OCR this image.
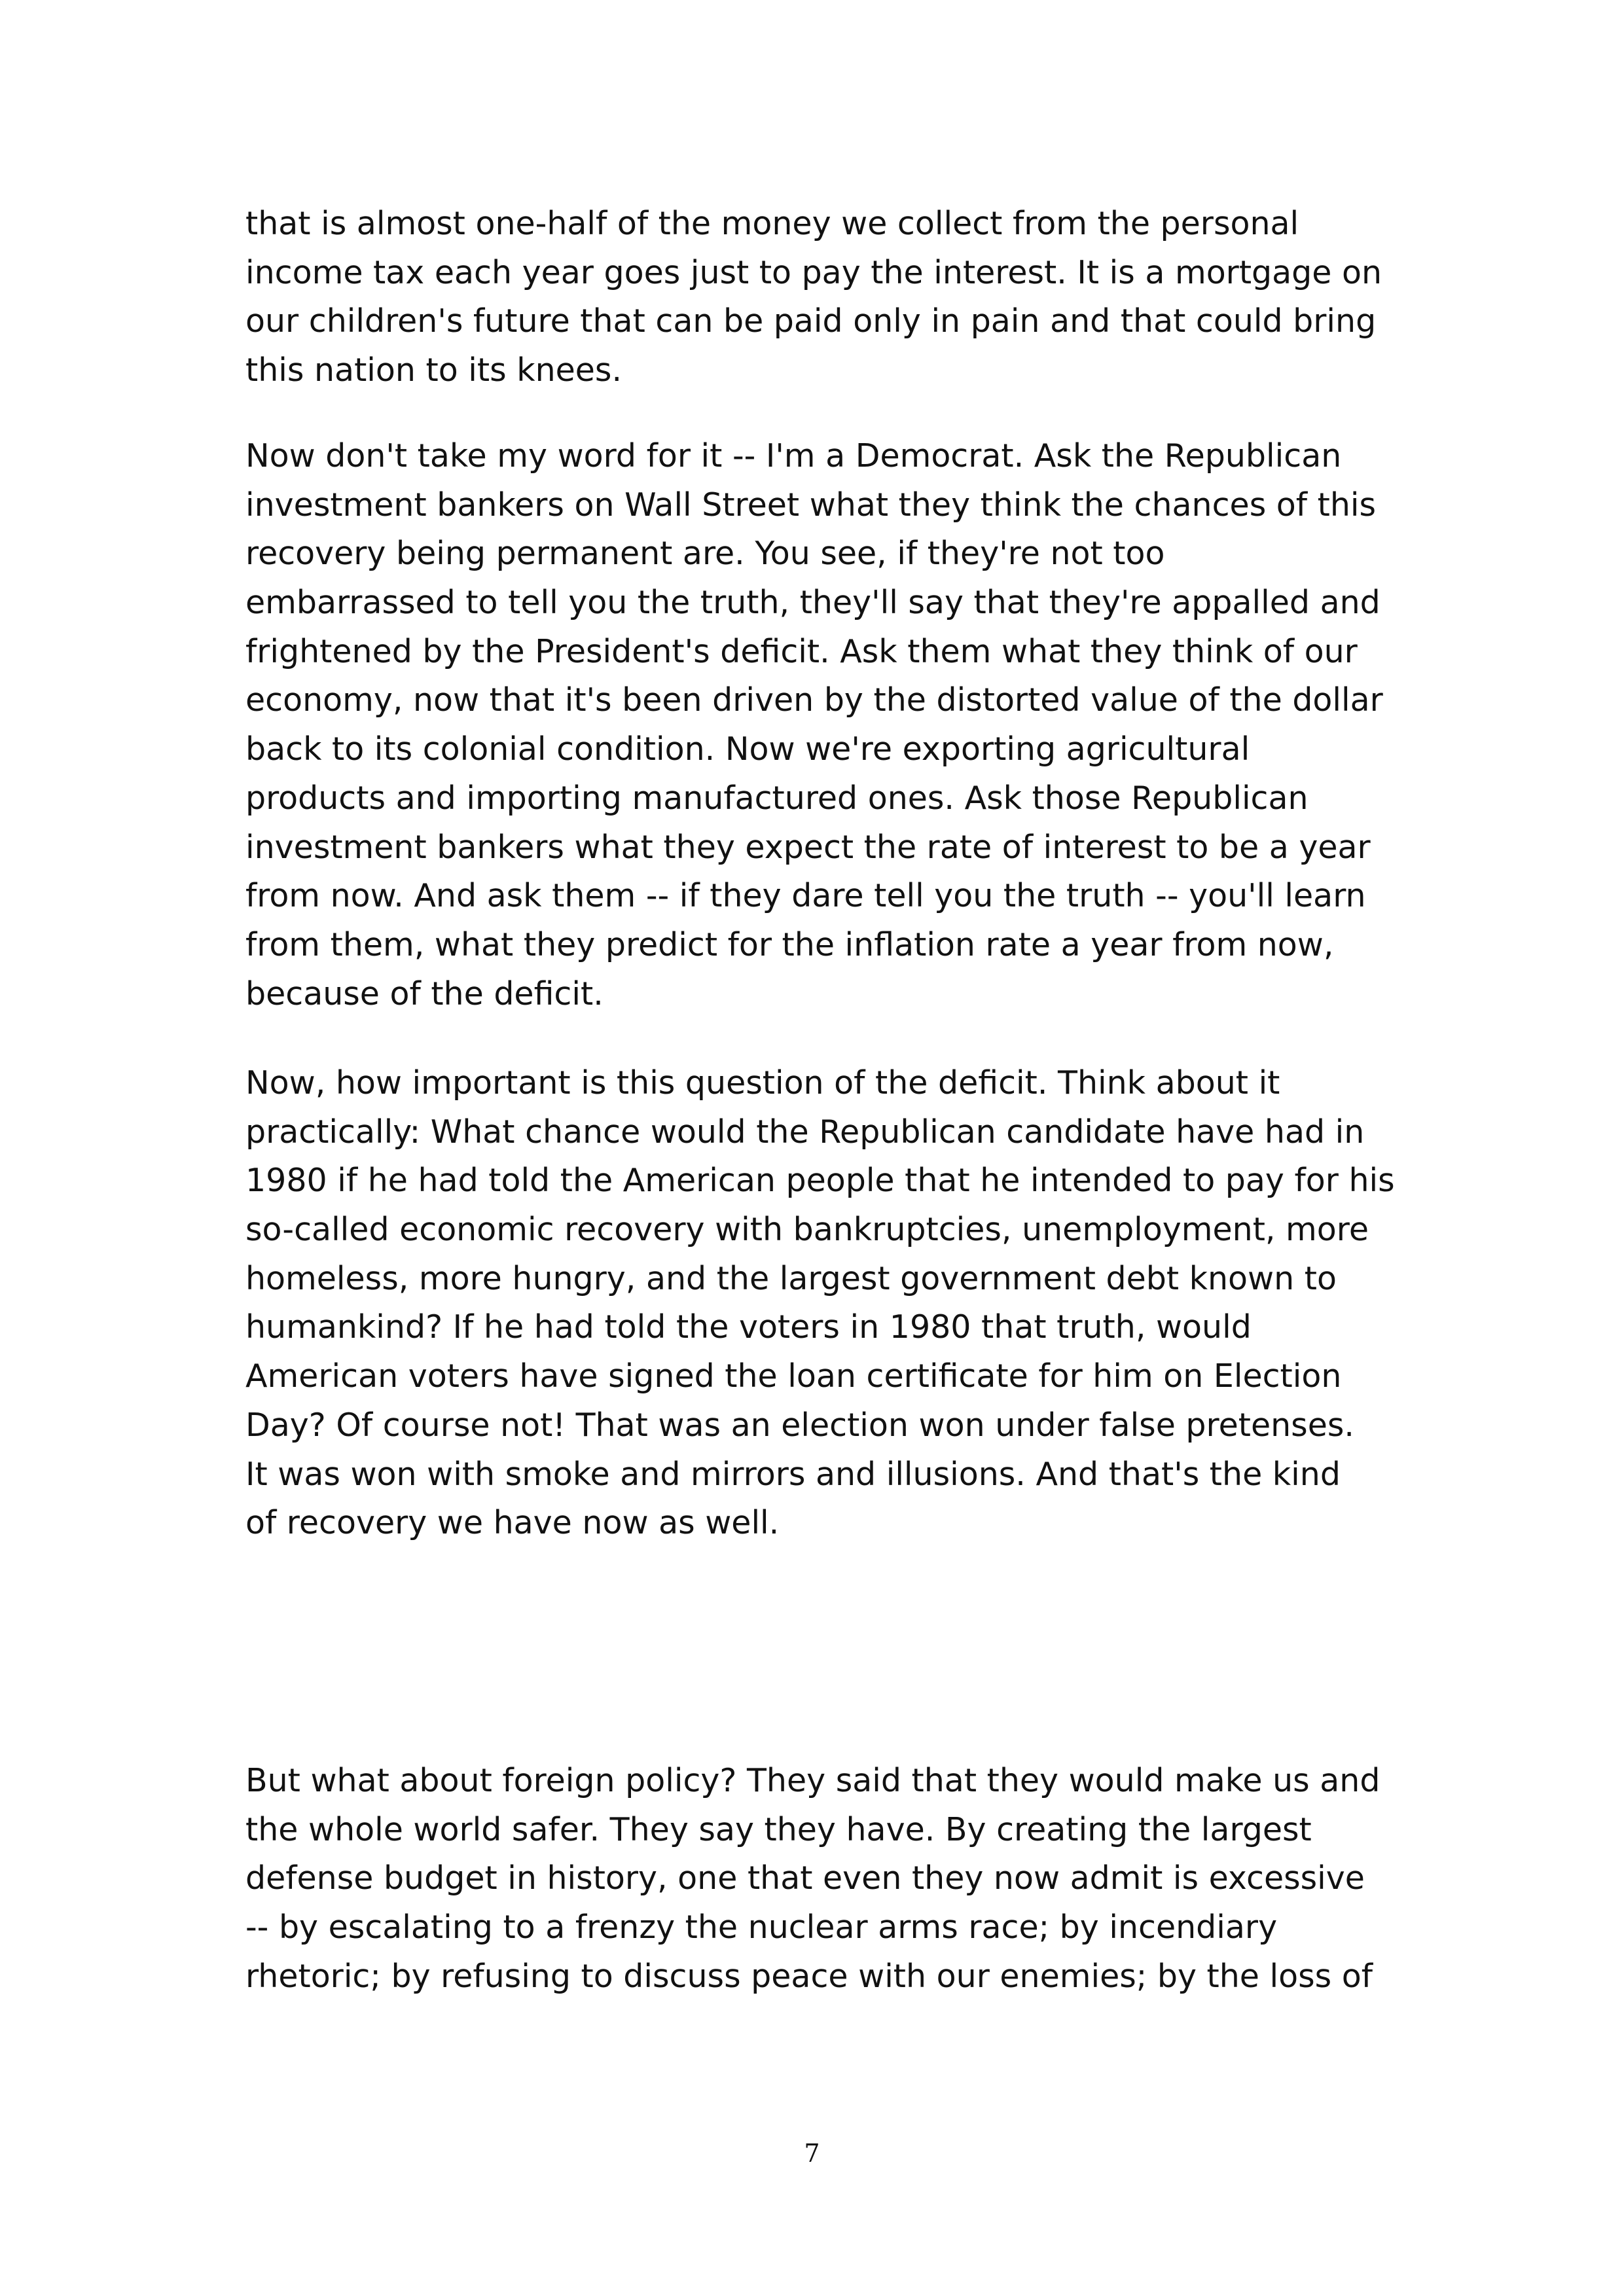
that is almost one-half of the money we collect from the personal
income tax each year goes just to pay the interest. It is a mortgage on
our children's future that can be paid only in pain and that could bring
this nation to its knees.
Now don't take my word for it -- I'm a Democrat. Ask the Republican
investment bankers on Wall Street what they think the chances of this
recovery being permanent are. You see, if they're not too
embarrassed to tell you the truth, they'll say that they're appalled and
frightened by the President's deficit. Ask them what they think of our
economy, now that it's been driven by the distorted value of the dollar
back to its colonial condition. Now we're exporting agricultural
products and importing manufactured ones. Ask those Republican
investment bankers what they expect the rate of interest to be a year
from now. And ask them -- if they dare tell you the truth -- you'll learn
from them, what they predict for the inflation rate a year from now,
because of the deficit.
Now, how important is this question of the deficit. Think about it
practically: What chance would the Republican candidate have had in
1980 if he had told the American people that he intended to pay for his
so-called economic recovery with bankruptcies, unemployment, more
homeless, more hungry, and the largest government debt known to
humankind? If he had told the voters in 1980 that truth, would
American voters have signed the loan certificate for him on Election
Day? Of course not! That was an election won under false pretenses.
It was won with smoke and mirrors and illusions. And that's the kind
of recovery we have now as well.
But what about foreign policy? They said that they would make us and
the whole world safer. They say they have. By creating the largest
defense budget in history, one that even they now admit is excessive
-- by escalating to a frenzy the nuclear arms race; by incendiary
rhetoric; by refusing to discuss peace with our enemies; by the loss of
7
